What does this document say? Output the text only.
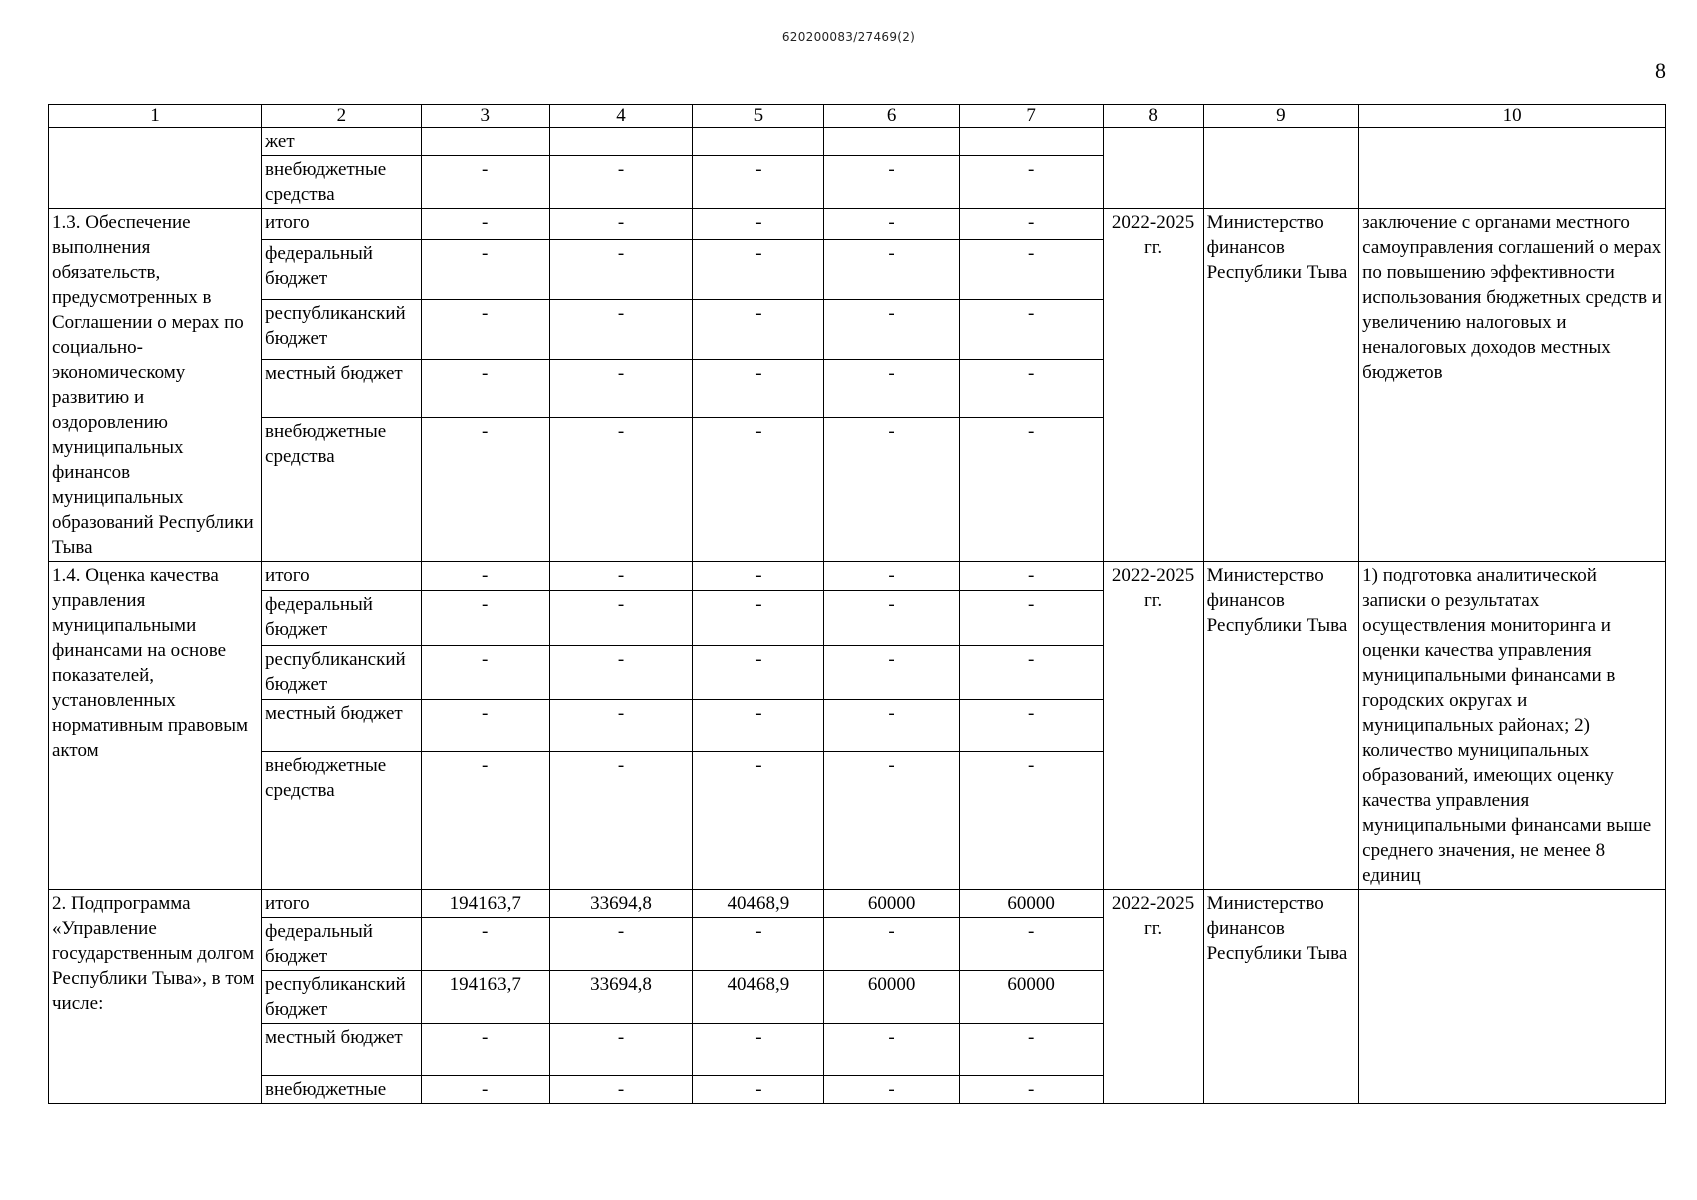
620200083/27469(2)
8
1	2	3	4	5	6	7	8	9	10
	жет								
	внебюджетные средства	-	-	-	-	-			
1.3. Обеспечение выполнения обязательств, предусмотренных в Соглашении о мерах по социально-экономическому развитию и оздоровлению муниципальных финансов муниципальных образований Республики Тыва	итого	-	-	-	-	-	2022-2025 гг.	Министерство финансов Республики Тыва	заключение с органами местного самоуправления соглашений о мерах по повышению эффективности использования бюджетных средств и увеличению налоговых и неналоговых доходов местных бюджетов
	федеральный бюджет	-	-	-	-	-			
	республиканский бюджет	-	-	-	-	-			
	местный бюджет	-	-	-	-	-			
	внебюджетные средства	-	-	-	-	-			
1.4. Оценка качества управления муниципальными финансами на основе показателей, установленных нормативным правовым актом	итого	-	-	-	-	-	2022-2025 гг.	Министерство финансов Республики Тыва	1) подготовка аналитической записки о результатах осуществления мониторинга и оценки качества управления муниципальными финансами в городских округах и муниципальных районах; 2) количество муниципальных образований, имеющих оценку качества управления муниципальными финансами выше среднего значения, не менее 8 единиц
	федеральный бюджет	-	-	-	-	-			
	республиканский бюджет	-	-	-	-	-			
	местный бюджет	-	-	-	-	-			
	внебюджетные средства	-	-	-	-	-			
2. Подпрограмма «Управление государственным долгом Республики Тыва», в том числе:	итого	194163,7	33694,8	40468,9	60000	60000	2022-2025 гг.	Министерство финансов Республики Тыва	
	федеральный бюджет	-	-	-	-	-			
	республиканский бюджет	194163,7	33694,8	40468,9	60000	60000			
	местный бюджет	-	-	-	-	-			
	внебюджетные	-	-	-	-	-			
